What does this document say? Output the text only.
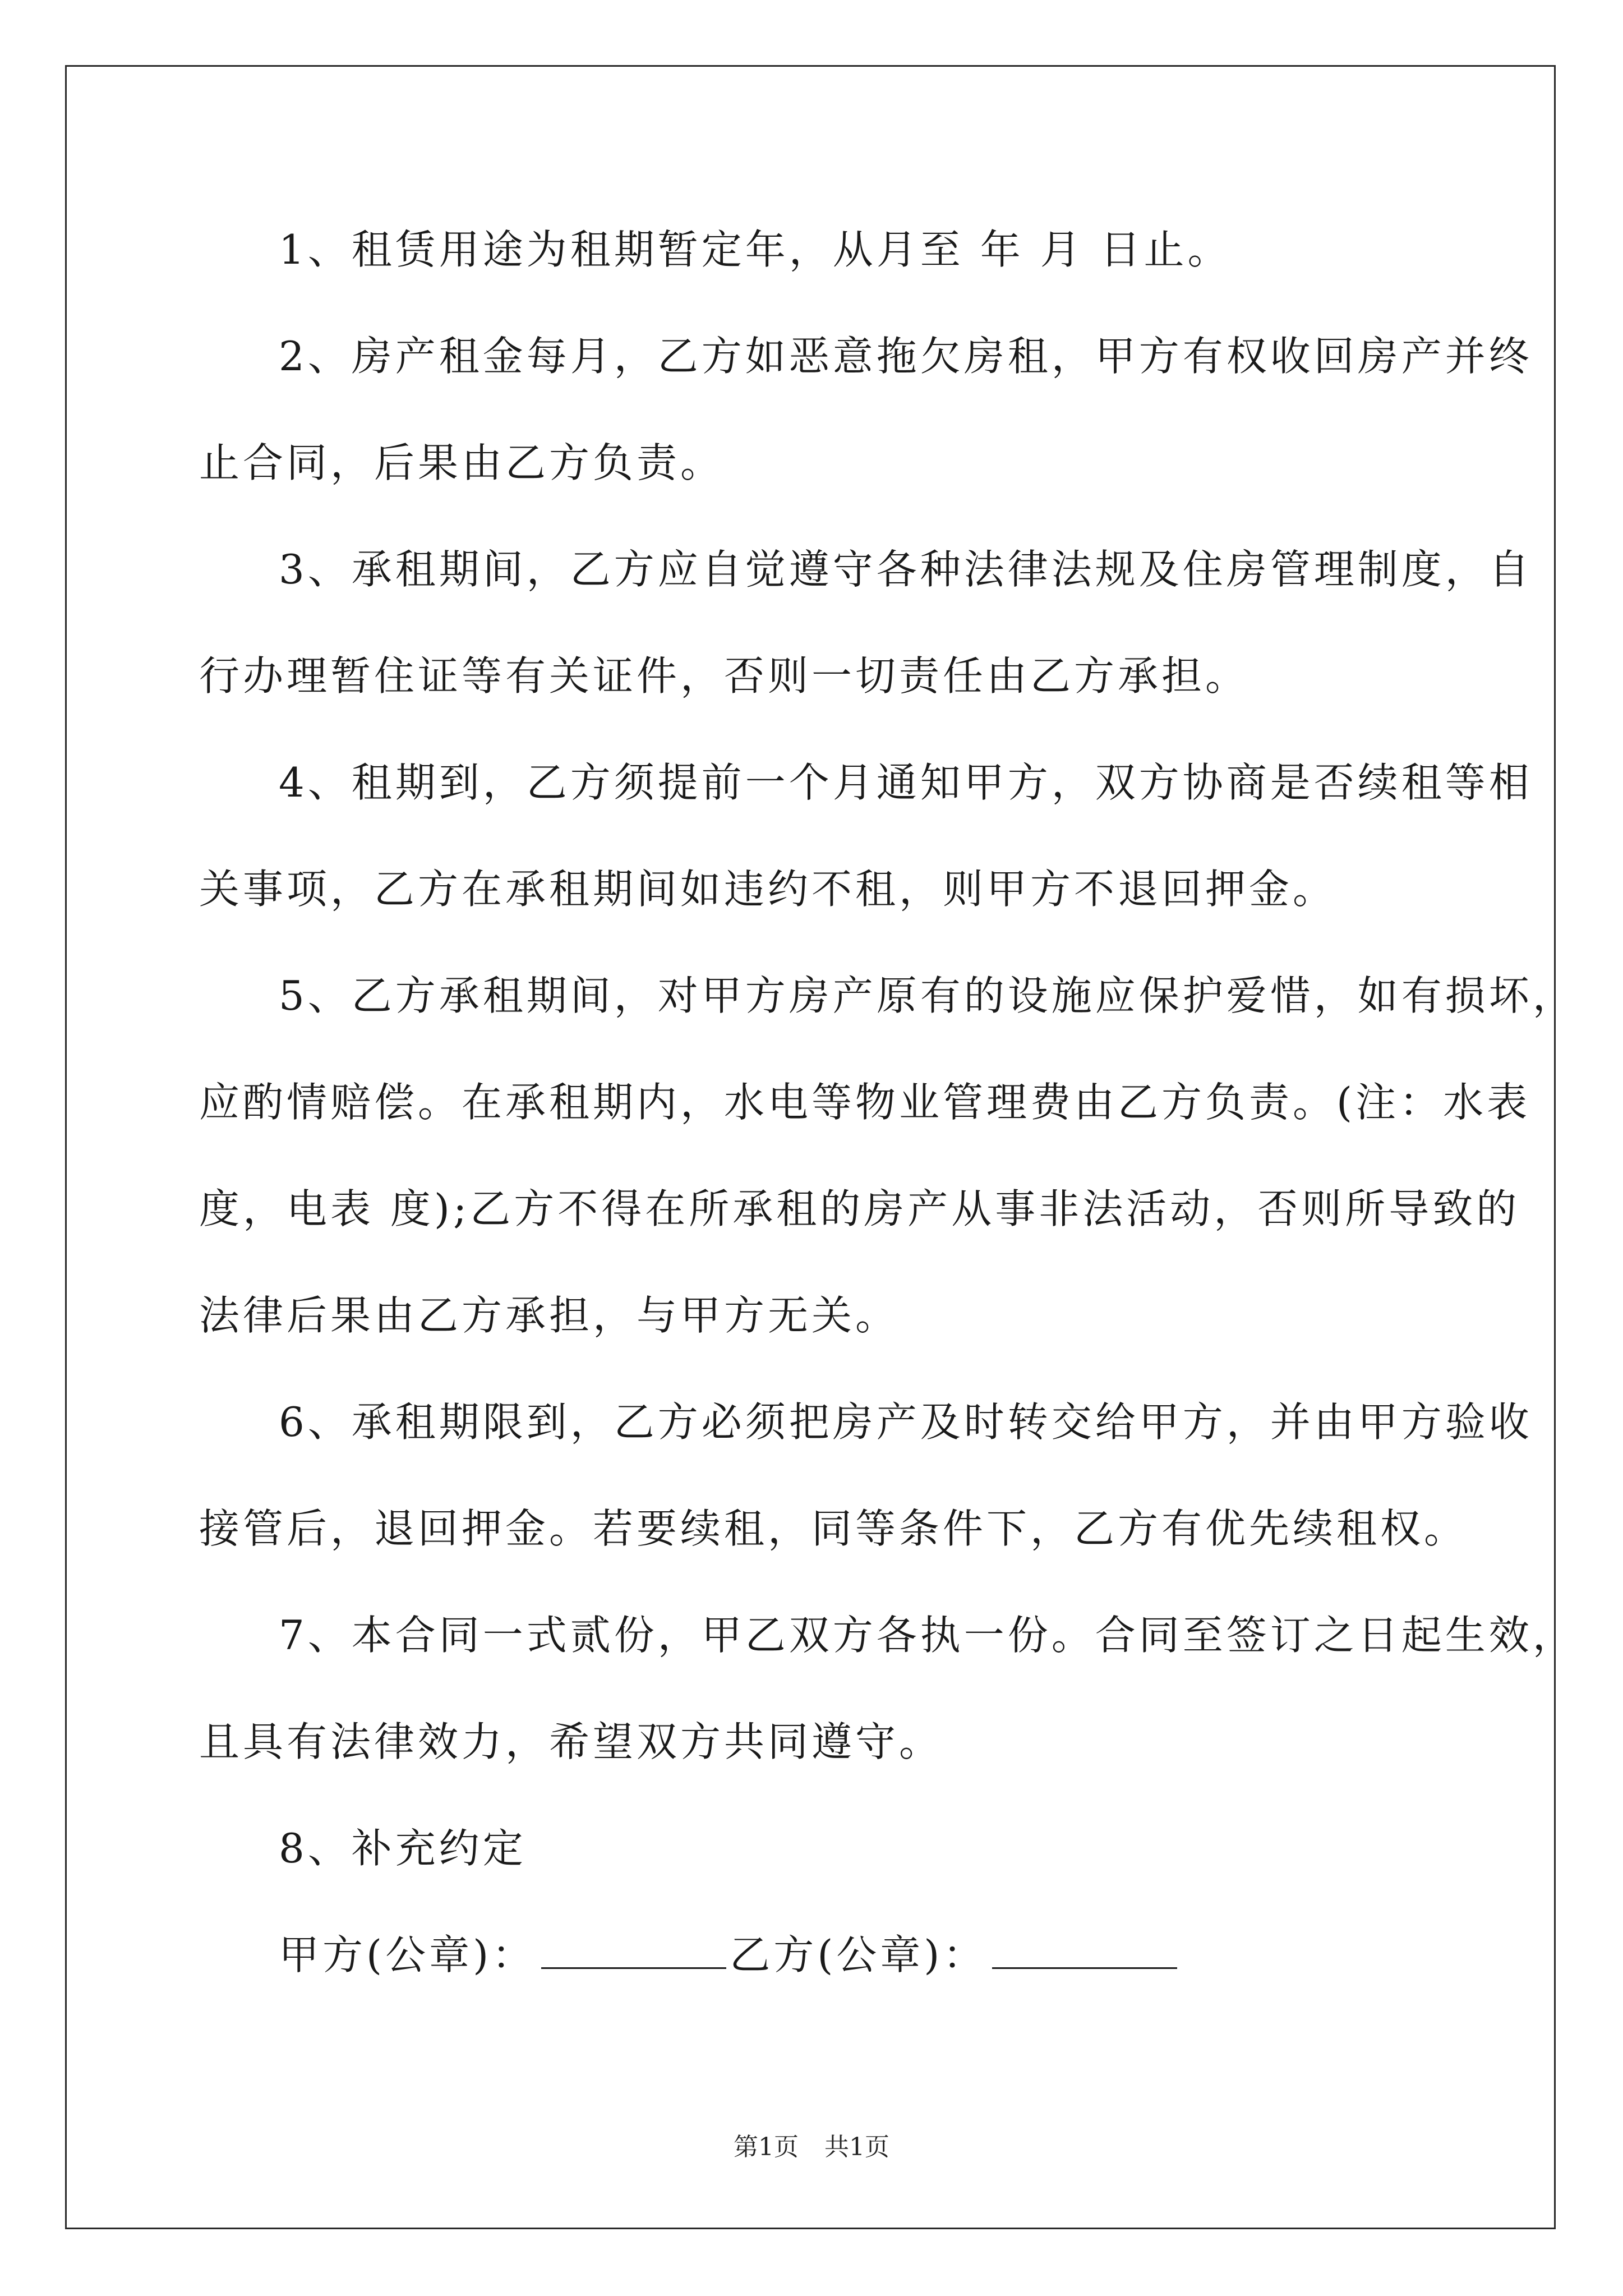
1、租赁用途为租期暂定年，从月至 年 月 日止。
2、房产租金每月，乙方如恶意拖欠房租，甲方有权收回房产并终
止合同，后果由乙方负责。
3、承租期间，乙方应自觉遵守各种法律法规及住房管理制度，自
行办理暂住证等有关证件，否则一切责任由乙方承担。
4、租期到，乙方须提前一个月通知甲方，双方协商是否续租等相
关事项，乙方在承租期间如违约不租，则甲方不退回押金。
5、乙方承租期间，对甲方房产原有的设施应保护爱惜，如有损坏，
应酌情赔偿。在承租期内，水电等物业管理费由乙方负责。(注：水表
度，电表 度);乙方不得在所承租的房产从事非法活动，否则所导致的
法律后果由乙方承担，与甲方无关。
6、承租期限到，乙方必须把房产及时转交给甲方，并由甲方验收
接管后，退回押金。若要续租，同等条件下，乙方有优先续租权。
7、本合同一式贰份，甲乙双方各执一份。合同至签订之日起生效，
且具有法律效力，希望双方共同遵守。
8、补充约定
甲方(公章)：	乙方(公章)：
第1页 共1页
